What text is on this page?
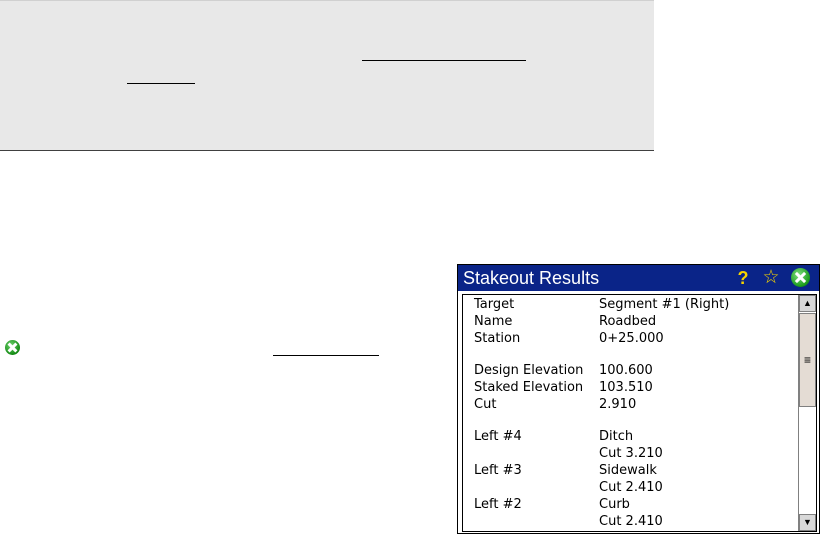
Stakeout Results	? ☆
Target	Segment #1 (Right)
Name	Roadbed
Station	0+25.000
Design Elevation 100.600
Staked Elevation 103.510
Cut	2.910
Left #4	Ditch
Cut 3.210
Left #3	Sidewalk
Cut 2.410
Left #2	Curb
Cut 2.410
▲
≡
▼
